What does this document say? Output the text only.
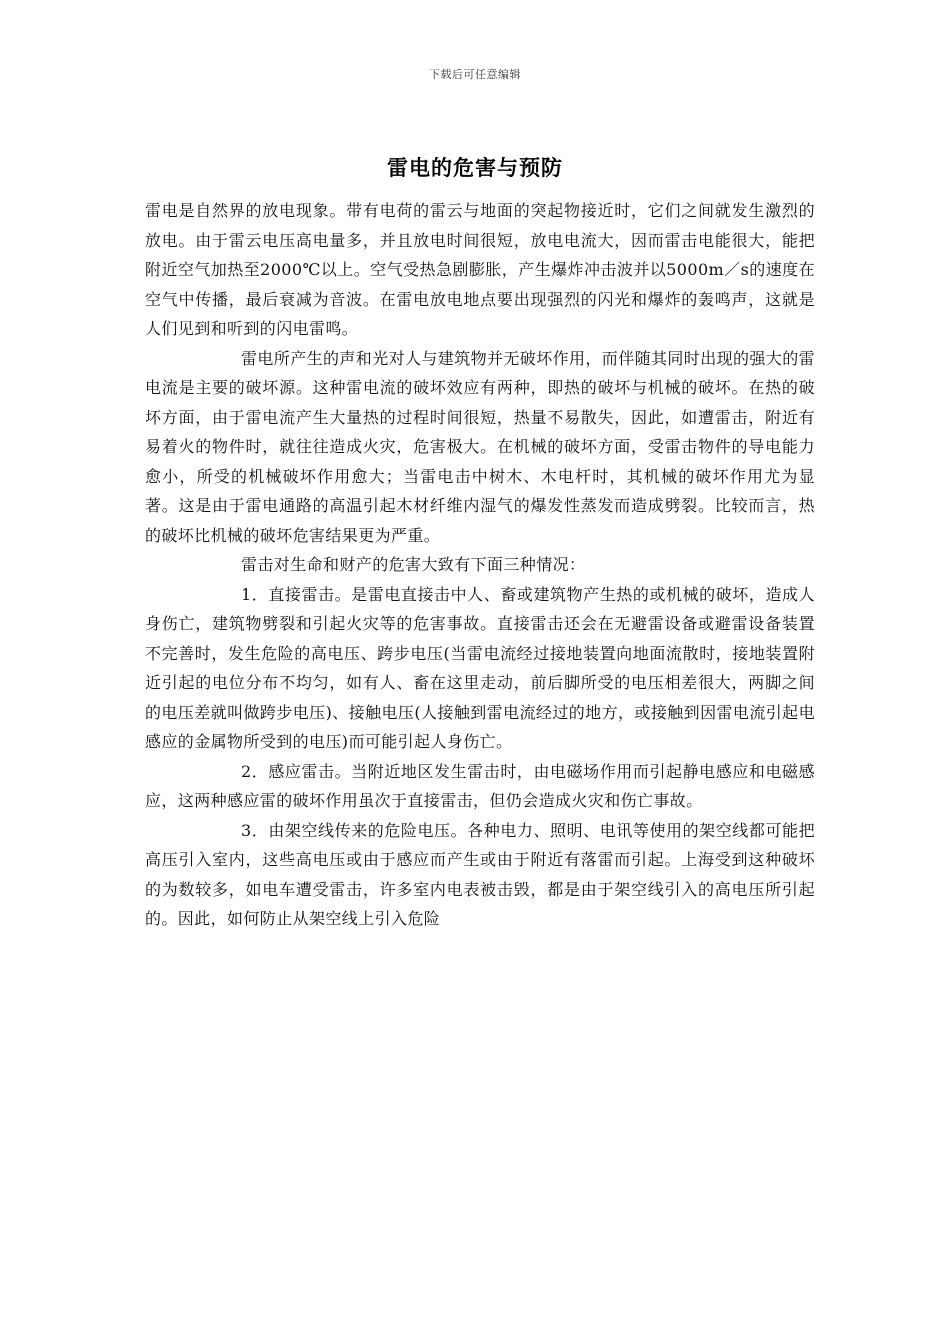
下载后可任意编辑
雷电的危害与预防

雷电是自然界的放电现象。带有电荷的雷云与地面的突起物接近时，它们之间就发生激烈的放电。由于雷云电压高电量多，并且放电时间很短，放电电流大，因而雷击电能很大，能把附近空气加热至2000℃以上。空气受热急剧膨胀，产生爆炸冲击波并以5000m／s的速度在空气中传播，最后衰减为音波。在雷电放电地点要出现强烈的闪光和爆炸的轰鸣声，这就是人们见到和听到的闪电雷鸣。

雷电所产生的声和光对人与建筑物并无破坏作用，而伴随其同时出现的强大的雷电流是主要的破坏源。这种雷电流的破坏效应有两种，即热的破坏与机械的破坏。在热的破坏方面，由于雷电流产生大量热的过程时间很短，热量不易散失，因此，如遭雷击，附近有易着火的物件时，就往往造成火灾，危害极大。在机械的破坏方面，受雷击物件的导电能力愈小，所受的机械破坏作用愈大；当雷电击中树木、木电杆时，其机械的破坏作用尤为显著。这是由于雷电通路的高温引起木材纤维内湿气的爆发性蒸发而造成劈裂。比较而言，热的破坏比机械的破坏危害结果更为严重。

雷击对生命和财产的危害大致有下面三种情况：

1．直接雷击。是雷电直接击中人、畜或建筑物产生热的或机械的破坏，造成人身伤亡，建筑物劈裂和引起火灾等的危害事故。直接雷击还会在无避雷设备或避雷设备装置不完善时，发生危险的高电压、跨步电压(当雷电流经过接地装置向地面流散时，接地装置附近引起的电位分布不均匀，如有人、畜在这里走动，前后脚所受的电压相差很大，两脚之间的电压差就叫做跨步电压)、接触电压(人接触到雷电流经过的地方，或接触到因雷电流引起电感应的金属物所受到的电压)而可能引起人身伤亡。

2．感应雷击。当附近地区发生雷击时，由电磁场作用而引起静电感应和电磁感应，这两种感应雷的破坏作用虽次于直接雷击，但仍会造成火灾和伤亡事故。

3．由架空线传来的危险电压。各种电力、照明、电讯等使用的架空线都可能把高压引入室内，这些高电压或由于感应而产生或由于附近有落雷而引起。上海受到这种破坏的为数较多，如电车遭受雷击，许多室内电表被击毁，都是由于架空线引入的高电压所引起的。因此，如何防止从架空线上引入危险
